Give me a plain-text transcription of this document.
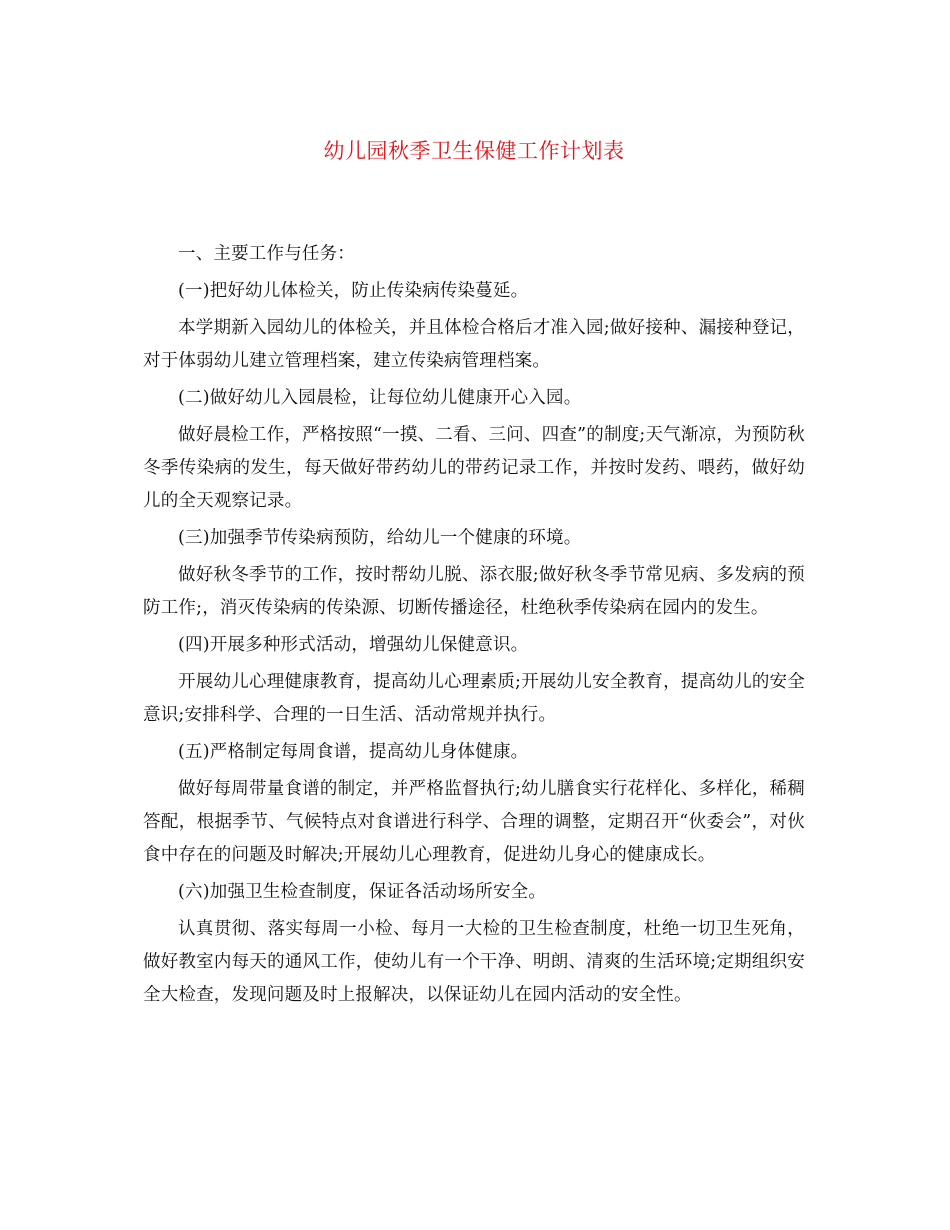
幼儿园秋季卫生保健工作计划表

一、主要工作与任务：

(一)把好幼儿体检关，防止传染病传染蔓延。

本学期新入园幼儿的体检关，并且体检合格后才准入园;做好接种、漏接种登记，对于体弱幼儿建立管理档案，建立传染病管理档案。

(二)做好幼儿入园晨检，让每位幼儿健康开心入园。

做好晨检工作，严格按照“一摸、二看、三问、四查”的制度;天气渐凉，为预防秋冬季传染病的发生，每天做好带药幼儿的带药记录工作，并按时发药、喂药，做好幼儿的全天观察记录。

(三)加强季节传染病预防，给幼儿一个健康的环境。

做好秋冬季节的工作，按时帮幼儿脱、添衣服;做好秋冬季节常见病、多发病的预防工作;，消灭传染病的传染源、切断传播途径，杜绝秋季传染病在园内的发生。

(四)开展多种形式活动，增强幼儿保健意识。

开展幼儿心理健康教育，提高幼儿心理素质;开展幼儿安全教育，提高幼儿的安全意识;安排科学、合理的一日生活、活动常规并执行。

(五)严格制定每周食谱，提高幼儿身体健康。

做好每周带量食谱的制定，并严格监督执行;幼儿膳食实行花样化、多样化，稀稠答配，根据季节、气候特点对食谱进行科学、合理的调整，定期召开“伙委会”，对伙食中存在的问题及时解决;开展幼儿心理教育，促进幼儿身心的健康成长。

(六)加强卫生检查制度，保证各活动场所安全。

认真贯彻、落实每周一小检、每月一大检的卫生检查制度，杜绝一切卫生死角，做好教室内每天的通风工作，使幼儿有一个干净、明朗、清爽的生活环境;定期组织安全大检查，发现问题及时上报解决，以保证幼儿在园内活动的安全性。
